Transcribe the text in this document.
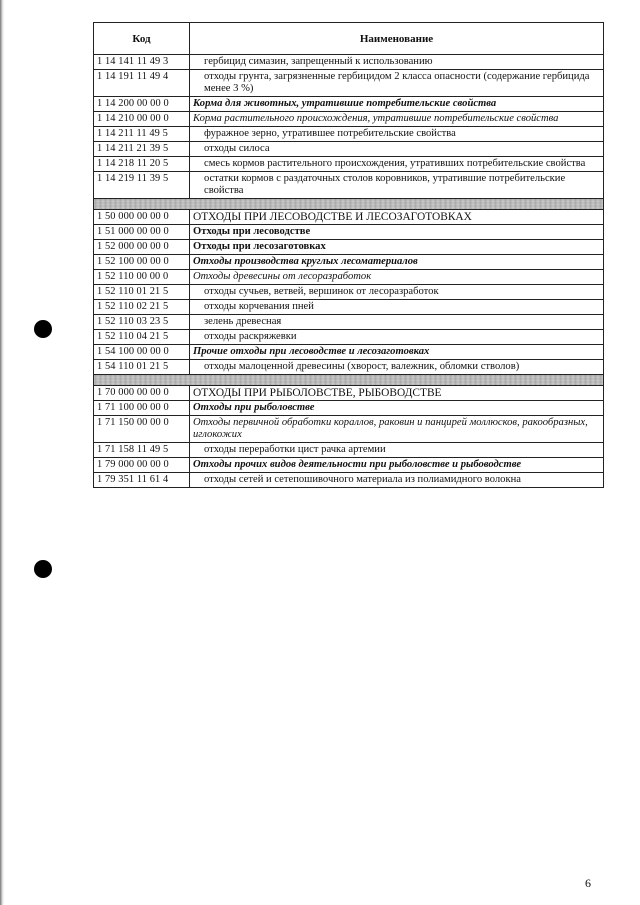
Код	Наименование
1 14 141 11 49 3	гербицид симазин, запрещенный к использованию
1 14 191 11 49 4	отходы грунта, загрязненные гербицидом 2 класса опасности (содержание гербицида менее 3 %)
1 14 200 00 00 0	Корма для животных, утратившие потребительские свойства
1 14 210 00 00 0	Корма растительного происхождения, утратившие потребительские свойства
1 14 211 11 49 5	фуражное зерно, утратившее потребительские свойства
1 14 211 21 39 5	отходы силоса
1 14 218 11 20 5	смесь кормов растительного происхождения, утративших потребительские свойства
1 14 219 11 39 5	остатки кормов с раздаточных столов коровников, утратившие потребительские свойства

1 50 000 00 00 0	ОТХОДЫ ПРИ ЛЕСОВОДСТВЕ И ЛЕСОЗАГОТОВКАХ
1 51 000 00 00 0	Отходы при лесоводстве
1 52 000 00 00 0	Отходы при лесозаготовках
1 52 100 00 00 0	Отходы производства круглых лесоматериалов
1 52 110 00 00 0	Отходы древесины от лесоразработок
1 52 110 01 21 5	отходы сучьев, ветвей, вершинок от лесоразработок
1 52 110 02 21 5	отходы корчевания пней
1 52 110 03 23 5	зелень древесная
1 52 110 04 21 5	отходы раскряжевки
1 54 100 00 00 0	Прочие отходы при лесоводстве и лесозаготовках
1 54 110 01 21 5	отходы малоценной древесины (хворост, валежник, обломки стволов)

1 70 000 00 00 0	ОТХОДЫ ПРИ РЫБОЛОВСТВЕ, РЫБОВОДСТВЕ
1 71 100 00 00 0	Отходы при рыболовстве
1 71 150 00 00 0	Отходы первичной обработки кораллов, раковин и панцирей моллюсков, ракообразных, иглокожих
1 71 158 11 49 5	отходы переработки цист рачка артемии
1 79 000 00 00 0	Отходы прочих видов деятельности при рыболовстве и рыбоводстве
1 79 351 11 61 4	отходы сетей и сетепошивочного материала из полиамидного волокна
6
